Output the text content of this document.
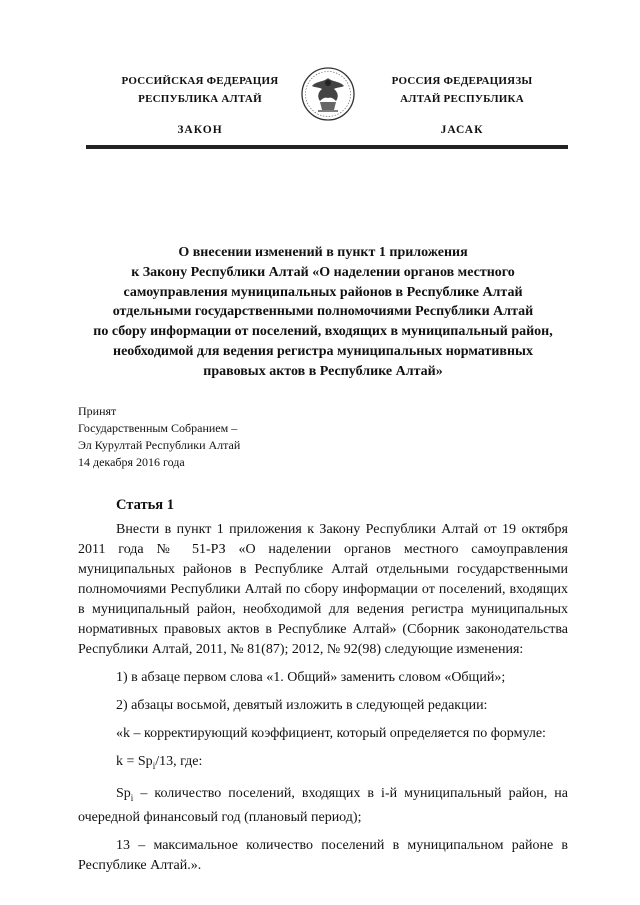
РОССИЙСКАЯ ФЕДЕРАЦИЯ
РЕСПУБЛИКА АЛТАЙ
ЗАКОН
РОССИЯ ФЕДЕРАЦИЯЗЫ
АЛТАЙ РЕСПУБЛИКА
ЈАСАК
О внесении изменений в пункт 1 приложения
к Закону Республики Алтай «О наделении органов местного
самоуправления муниципальных районов в Республике Алтай
отдельными государственными полномочиями Республики Алтай
по сбору информации от поселений, входящих в муниципальный район,
необходимой для ведения регистра муниципальных нормативных
правовых актов в Республике Алтай»
Принят
Государственным Собранием –
Эл Курултай Республики Алтай
14 декабря 2016 года
Статья 1

Внести в пункт 1 приложения к Закону Республики Алтай от 19 октября 2011 года № 51-РЗ «О наделении органов местного самоуправления муниципальных районов в Республике Алтай отдельными государственными полномочиями Республики Алтай по сбору информации от поселений, входящих в муниципальный район, необходимой для ведения регистра муниципальных нормативных правовых актов в Республике Алтай» (Сборник законодательства Республики Алтай, 2011, № 81(87); 2012, № 92(98) следующие изменения:

1) в абзаце первом слова «1. Общий» заменить словом «Общий»;

2) абзацы восьмой, девятый изложить в следующей редакции:

«k – корректирующий коэффициент, который определяется по формуле:

$k = Sp_i/13$, где:

$Sp_i$ – количество поселений, входящих в i-й муниципальный район, на очередной финансовый год (плановый период);

13 – максимальное количество поселений в муниципальном районе в Республике Алтай.».
